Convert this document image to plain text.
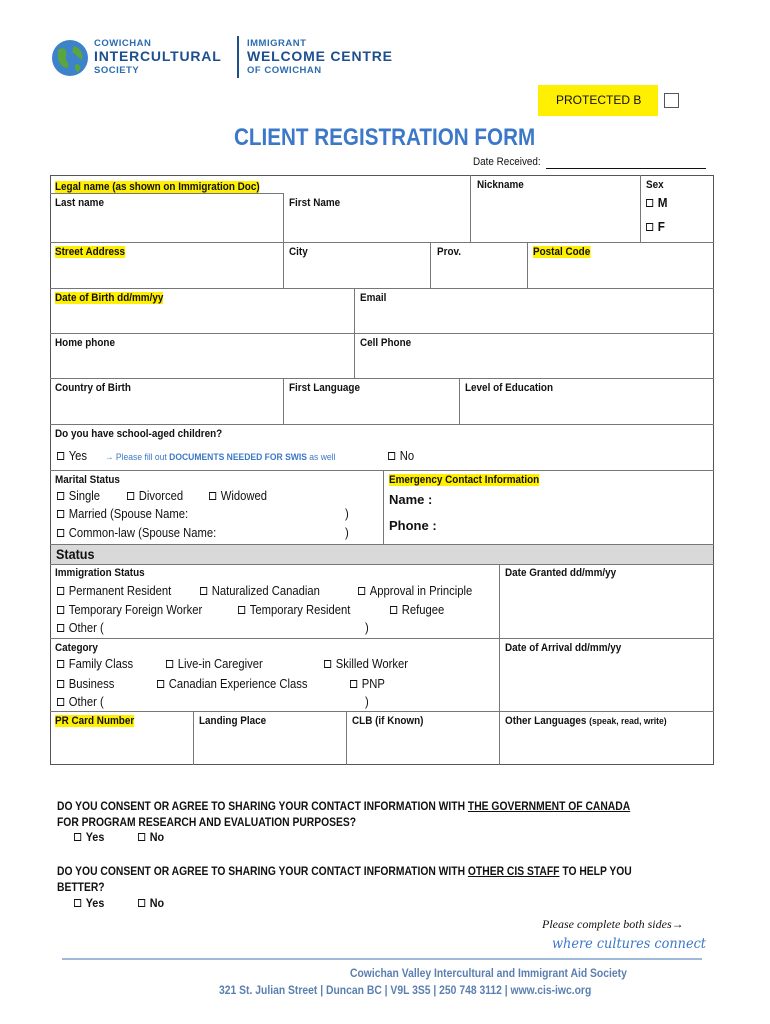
COWICHAN
INTERCULTURAL
SOCIETY
IMMIGRANT
WELCOME CENTRE
OF COWICHAN
PROTECTED B
CLIENT REGISTRATION FORM
Date Received:
Legal name (as shown on Immigration Doc)
Last name	First Name
Nickname	Sex
M
F
Street Address	City	Prov.	Postal Code
Date of Birth dd/mm/yy	Email
Home phone	Cell Phone
Country of Birth	First Language	Level of Education
Do you have school-aged children?
Yes → Please fill out DOCUMENTS NEEDED FOR SWIS as well	No
Marital Status
Single	Divorced	Widowed
Married (Spouse Name:	)
Common-law (Spouse Name:	)
Emergency Contact Information
Name :
Phone :
Status
Immigration Status
Permanent Resident	Naturalized Canadian	Approval in Principle
Temporary Foreign Worker	Temporary Resident	Refugee
Other (	)
Date Granted dd/mm/yy
Category
Family Class	Live-in Caregiver	Skilled Worker
Business	Canadian Experience Class	PNP
Other (	)
Date of Arrival dd/mm/yy
PR Card Number	Landing Place	CLB (if Known)	Other Languages (speak, read, write)
DO YOU CONSENT OR AGREE TO SHARING YOUR CONTACT INFORMATION WITH THE GOVERNMENT OF CANADA
FOR PROGRAM RESEARCH AND EVALUATION PURPOSES?
Yes	No
DO YOU CONSENT OR AGREE TO SHARING YOUR CONTACT INFORMATION WITH OTHER CIS STAFF TO HELP YOU
BETTER?
Yes	No
Please complete both sides→
where cultures connect
Cowichan Valley Intercultural and Immigrant Aid Society
321 St. Julian Street | Duncan BC | V9L 3S5 | 250 748 3112 | www.cis-iwc.org
